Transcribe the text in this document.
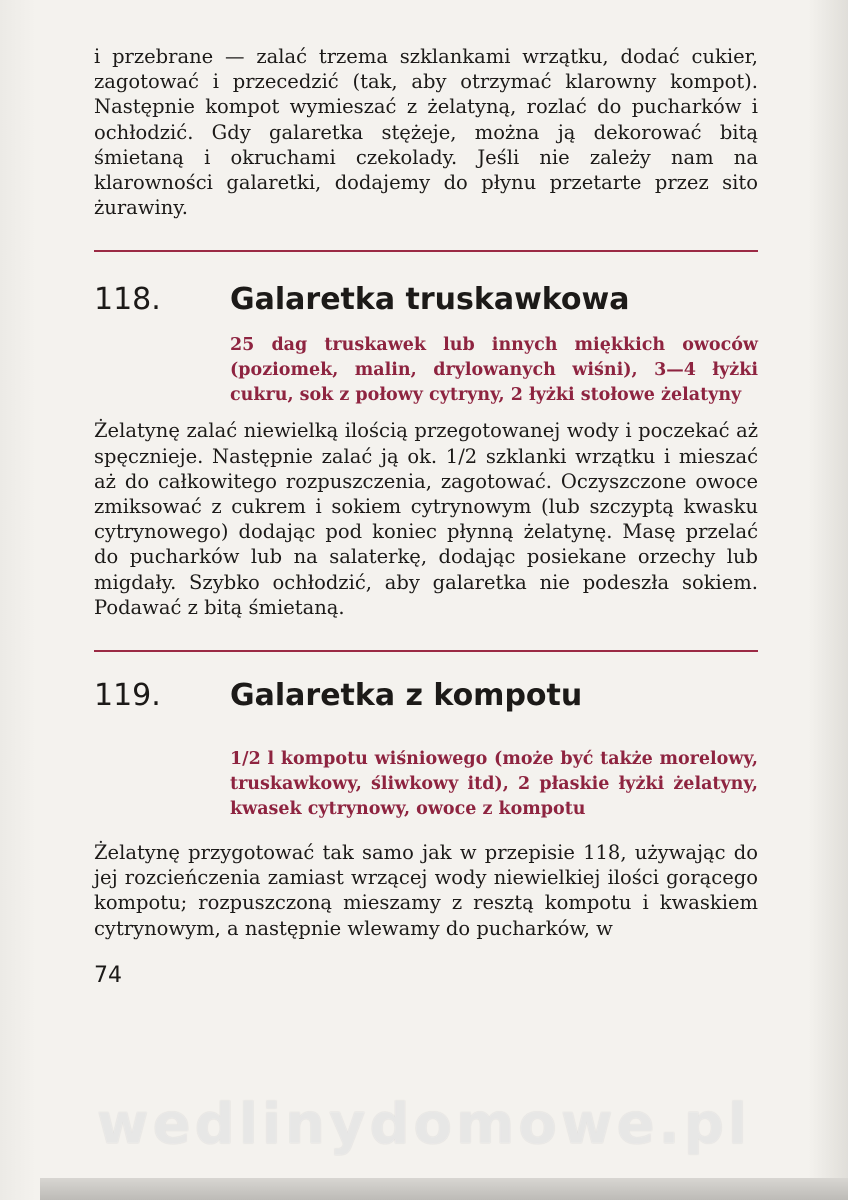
i przebrane — zalać trzema szklankami wrzątku, dodać cukier, zagotować i przecedzić (tak, aby otrzymać klarowny kompot). Następnie kompot wymieszać z żelatyną, rozlać do pucharków i ochłodzić. Gdy galaretka stężeje, można ją dekorować bitą śmietaną i okruchami czekolady. Jeśli nie zależy nam na klarowności galaretki, dodajemy do płynu przetarte przez sito żurawiny.

118.	Galaretka truskawkowa

25 dag truskawek lub innych miękkich owoców (poziomek, malin, drylowanych wiśni), 3—4 łyżki cukru, sok z połowy cytryny, 2 łyżki stołowe żelatyny

Żelatynę zalać niewielką ilością przegotowanej wody i poczekać aż spęcznieje. Następnie zalać ją ok. 1/2 szklanki wrzątku i mieszać aż do całkowitego rozpuszczenia, zagotować. Oczyszczone owoce zmiksować z cukrem i sokiem cytrynowym (lub szczyptą kwasku cytrynowego) dodając pod koniec płynną żelatynę. Masę przelać do pucharków lub na salaterkę, dodając posiekane orzechy lub migdały. Szybko ochłodzić, aby galaretka nie podeszła sokiem. Podawać z bitą śmietaną.

119.	Galaretka z kompotu

1/2 l kompotu wiśniowego (może być także morelowy, truskawkowy, śliwkowy itd), 2 płaskie łyżki żelatyny, kwasek cytrynowy, owoce z kompotu

Żelatynę przygotować tak samo jak w przepisie 118, używając do jej rozcieńczenia zamiast wrzącej wody niewielkiej ilości gorącego kompotu; rozpuszczoną mieszamy z resztą kompotu i kwaskiem cytrynowym, a następnie wlewamy do pucharków, w

74

wedlinydomowe.pl
